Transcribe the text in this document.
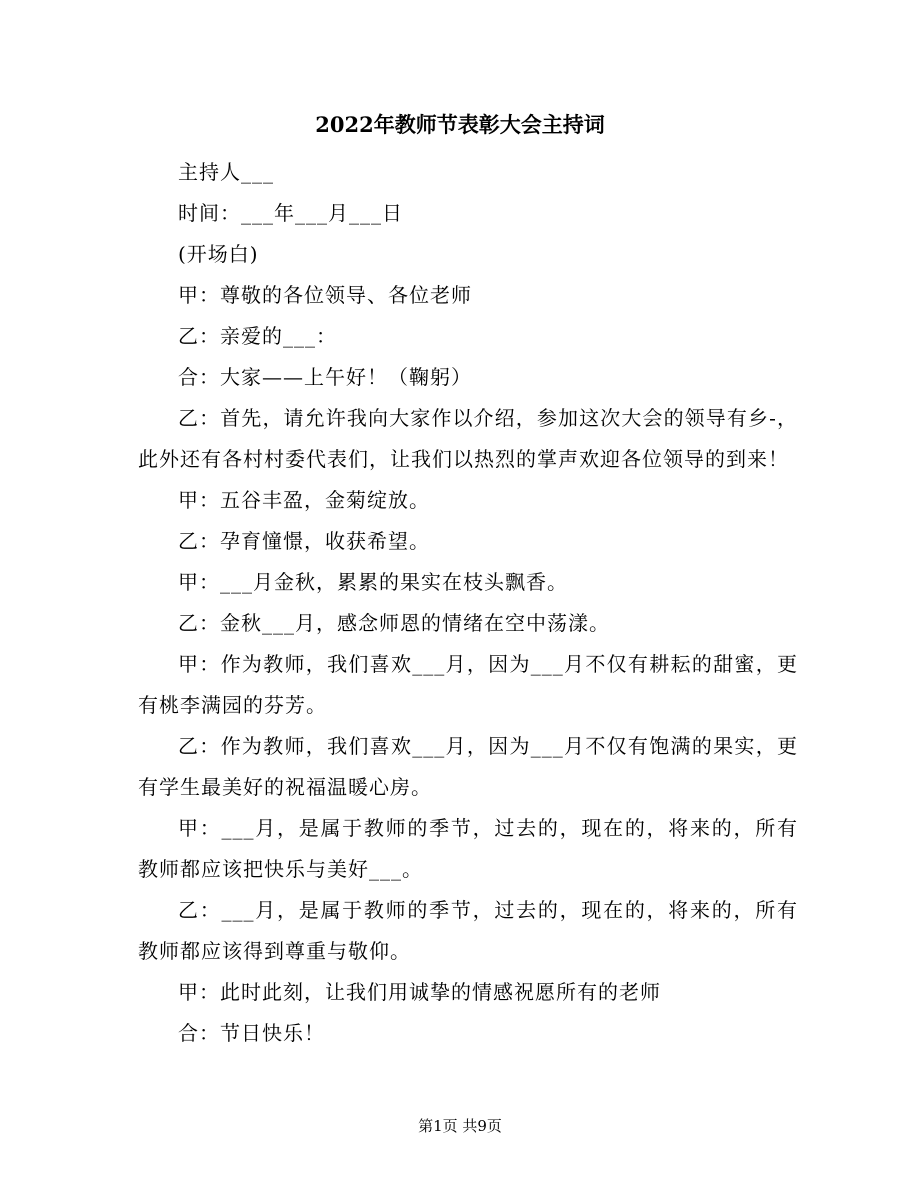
2022年教师节表彰大会主持词

主持人___

时间：___年___月___日

(开场白)

甲：尊敬的各位领导、各位老师

乙：亲爱的___：

合：大家——上午好！（鞠躬）

乙：首先，请允许我向大家作以介绍，参加这次大会的领导有乡-，此外还有各村村委代表们，让我们以热烈的掌声欢迎各位领导的到来！

甲：五谷丰盈，金菊绽放。

乙：孕育憧憬，收获希望。

甲：___月金秋，累累的果实在枝头飘香。

乙：金秋___月，感念师恩的情绪在空中荡漾。

甲：作为教师，我们喜欢___月，因为___月不仅有耕耘的甜蜜，更有桃李满园的芬芳。

乙：作为教师，我们喜欢___月，因为___月不仅有饱满的果实，更有学生最美好的祝福温暖心房。

甲：___月，是属于教师的季节，过去的，现在的，将来的，所有教师都应该把快乐与美好___。

乙：___月，是属于教师的季节，过去的，现在的，将来的，所有教师都应该得到尊重与敬仰。

甲：此时此刻，让我们用诚挚的情感祝愿所有的老师

合：节日快乐！

第1页 共9页
